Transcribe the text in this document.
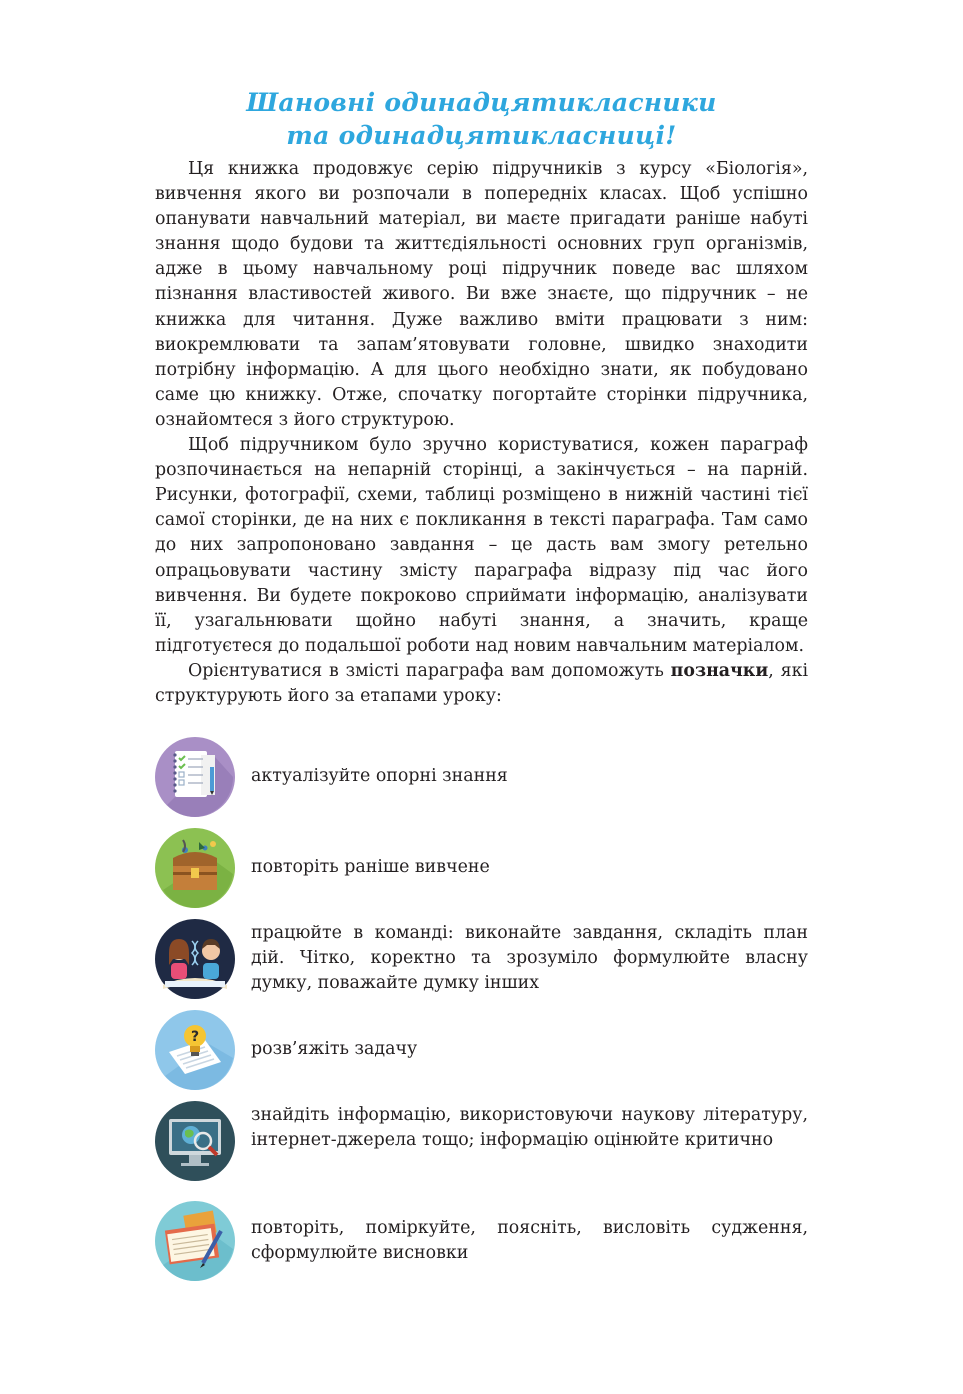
Шановні одинадцятикласники
та одинадцятикласниці!

Ця книжка продовжує серію підручників з курсу «Біологія», вивчення якого ви розпочали в попередніх класах. Щоб успішно опанувати навчальний матеріал, ви маєте пригадати раніше набуті знання щодо будови та життєдіяльності основних груп організмів, адже в цьому навчальному році підручник поведе вас шляхом пізнання властивостей живого. Ви вже знаєте, що підручник – не книжка для читання. Дуже важливо вміти працювати з ним: виокремлювати та запам’ятовувати головне, швидко знаходити потрібну інформацію. А для цього необхідно знати, як побудовано саме цю книжку. Отже, спочатку погортайте сторінки підручника, ознайомтеся з його структурою.

Щоб підручником було зручно користуватися, кожен параграф розпочинається на непарній сторінці, а закінчується – на парній. Рисунки, фотографії, схеми, таблиці розміщено в нижній частині тієї самої сторінки, де на них є покликання в тексті параграфа. Там само до них запропоновано завдання – це дасть вам змогу ретельно опрацьовувати частину змісту параграфа відразу під час його вивчення. Ви будете покроково сприймати інформацію, аналізувати її, узагальнювати щойно набуті знання, а значить, краще підготуєтеся до подальшої роботи над новим навчальним матеріалом.

Орієнтуватися в змісті параграфа вам допоможуть позначки, які структурують його за етапами уроку:

актуалізуйте опорні знання
повторіть раніше вивчене
працюйте в команді: виконайте завдання, складіть план дій. Чітко, коректно та зрозуміло формулюйте власну думку, поважайте думку інших
?
розв’яжіть задачу
знайдіть інформацію, використовуючи наукову літературу, інтернет-джерела тощо; інформацію оцінюйте критично
повторіть, поміркуйте, поясніть, висловіть судження, сформулюйте висновки
